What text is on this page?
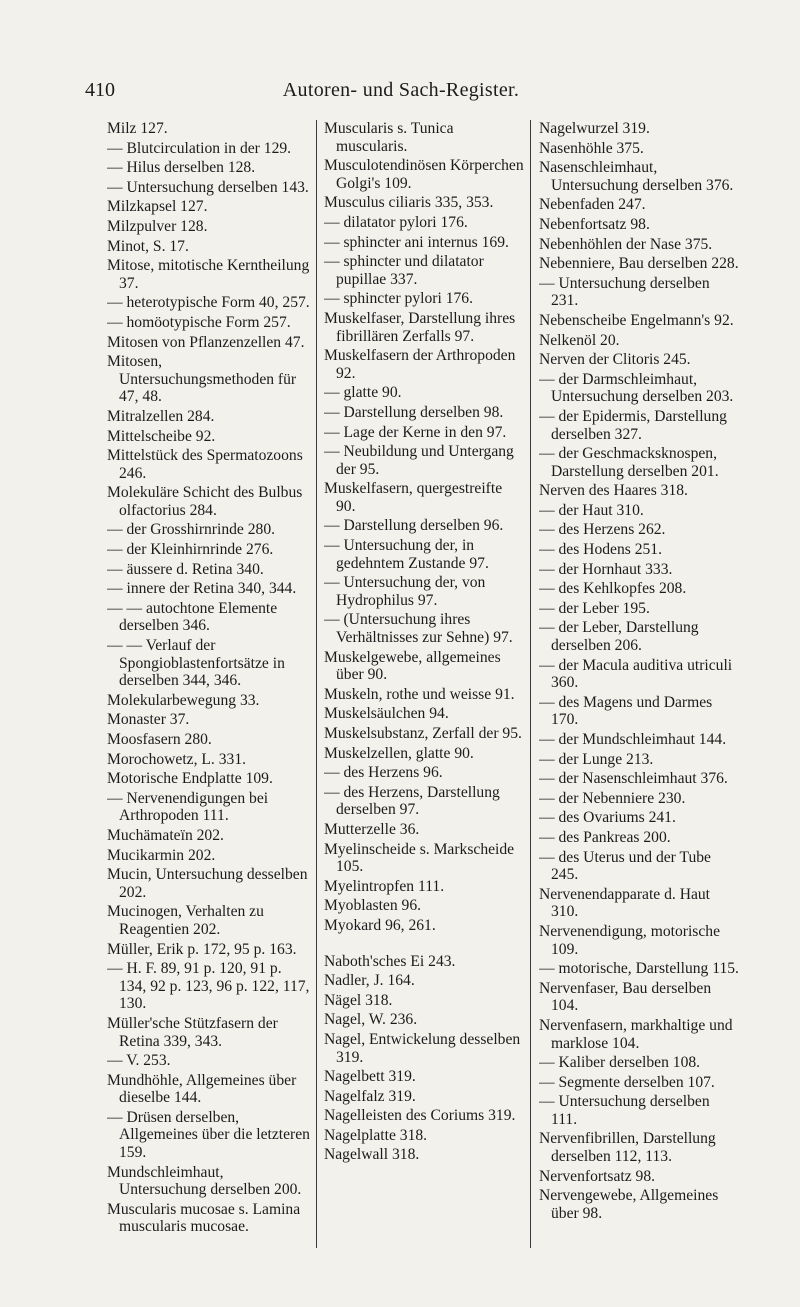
410	Autoren- und Sach-Register.
Milz 127.
— Blutcirculation in der 129.
— Hilus derselben 128.
— Untersuchung derselben 143.
Milzkapsel 127.
Milzpulver 128.
Minot, S. 17.
Mitose, mitotische Kerntheilung 37.
— heterotypische Form 40, 257.
— homöotypische Form 257.
Mitosen von Pflanzenzellen 47.
Mitosen, Untersuchungsmethoden für 47, 48.
Mitralzellen 284.
Mittelscheibe 92.
Mittelstück des Spermatozoons 246.
Molekuläre Schicht des Bulbus olfactorius 284.
— der Grosshirnrinde 280.
— der Kleinhirnrinde 276.
— äussere d. Retina 340.
— innere der Retina 340, 344.
— — autochtone Elemente derselben 346.
— — Verlauf der Spongioblastenfortsätze in derselben 344, 346.
Molekularbewegung 33.
Monaster 37.
Moosfasern 280.
Morochowetz, L. 331.
Motorische Endplatte 109.
— Nervenendigungen bei Arthropoden 111.
Muchämateïn 202.
Mucikarmin 202.
Mucin, Untersuchung desselben 202.
Mucinogen, Verhalten zu Reagentien 202.
Müller, Erik p. 172, 95 p. 163.
— H. F. 89, 91 p. 120, 91 p. 134, 92 p. 123, 96 p. 122, 117, 130.
Müller'sche Stützfasern der Retina 339, 343.
— V. 253.
Mundhöhle, Allgemeines über dieselbe 144.
— Drüsen derselben, Allgemeines über die letzteren 159.
Mundschleimhaut, Untersuchung derselben 200.
Muscularis mucosae s. Lamina muscularis mucosae.
Muscularis s. Tunica muscularis.
Musculotendinösen Körperchen Golgi's 109.
Musculus ciliaris 335, 353.
— dilatator pylori 176.
— sphincter ani internus 169.
— sphincter und dilatator pupillae 337.
— sphincter pylori 176.
Muskelfaser, Darstellung ihres fibrillären Zerfalls 97.
Muskelfasern der Arthropoden 92.
— glatte 90.
— Darstellung derselben 98.
— Lage der Kerne in den 97.
— Neubildung und Untergang der 95.
Muskelfasern, quergestreifte 90.
— Darstellung derselben 96.
— Untersuchung der, in gedehntem Zustande 97.
— Untersuchung der, von Hydrophilus 97.
— (Untersuchung ihres Verhältnisses zur Sehne) 97.
Muskelgewebe, allgemeines über 90.
Muskeln, rothe und weisse 91.
Muskelsäulchen 94.
Muskelsubstanz, Zerfall der 95.
Muskelzellen, glatte 90.
— des Herzens 96.
— des Herzens, Darstellung derselben 97.
Mutterzelle 36.
Myelinscheide s. Markscheide 105.
Myelintropfen 111.
Myoblasten 96.
Myokard 96, 261.
Naboth'sches Ei 243.
Nadler, J. 164.
Nägel 318.
Nagel, W. 236.
Nagel, Entwickelung desselben 319.
Nagelbett 319.
Nagelfalz 319.
Nagelleisten des Coriums 319.
Nagelplatte 318.
Nagelwall 318.
Nagelwurzel 319.
Nasenhöhle 375.
Nasenschleimhaut, Untersuchung derselben 376.
Nebenfaden 247.
Nebenfortsatz 98.
Nebenhöhlen der Nase 375.
Nebenniere, Bau derselben 228.
— Untersuchung derselben 231.
Nebenscheibe Engelmann's 92.
Nelkenöl 20.
Nerven der Clitoris 245.
— der Darmschleimhaut, Untersuchung derselben 203.
— der Epidermis, Darstellung derselben 327.
— der Geschmacksknospen, Darstellung derselben 201.
Nerven des Haares 318.
— der Haut 310.
— des Herzens 262.
— des Hodens 251.
— der Hornhaut 333.
— des Kehlkopfes 208.
— der Leber 195.
— der Leber, Darstellung derselben 206.
— der Macula auditiva utriculi 360.
— des Magens und Darmes 170.
— der Mundschleimhaut 144.
— der Lunge 213.
— der Nasenschleimhaut 376.
— der Nebenniere 230.
— des Ovariums 241.
— des Pankreas 200.
— des Uterus und der Tube 245.
Nervenendapparate d. Haut 310.
Nervenendigung, motorische 109.
— motorische, Darstellung 115.
Nervenfaser, Bau derselben 104.
Nervenfasern, markhaltige und marklose 104.
— Kaliber derselben 108.
— Segmente derselben 107.
— Untersuchung derselben 111.
Nervenfibrillen, Darstellung derselben 112, 113.
Nervenfortsatz 98.
Nervengewebe, Allgemeines über 98.
